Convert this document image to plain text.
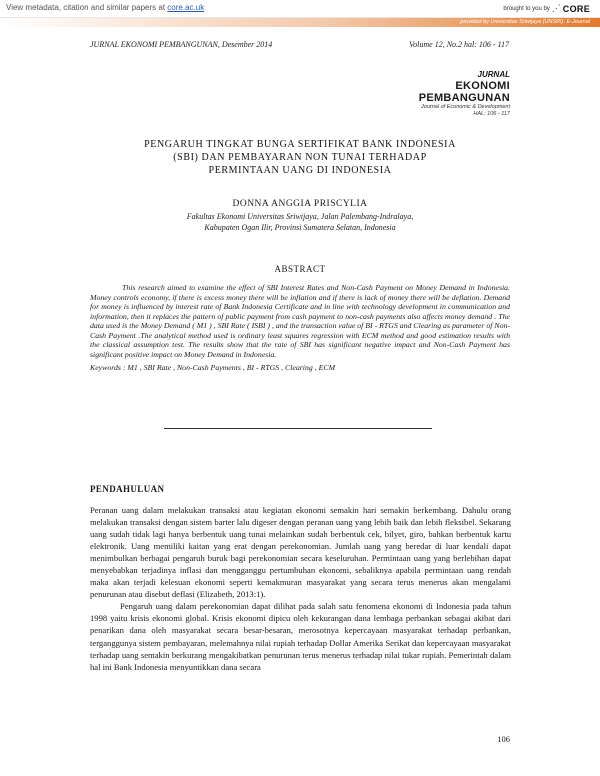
View metadata, citation and similar papers at core.ac.uk	brought to you by ⋰ CORE
provided by Universitas Sriwijaya (UNSRI): E-Journal
JURNAL EKONOMI PEMBANGUNAN, Desember 2014	Volume 12, No.2 hal: 106 - 117
JURNAL
EKONOMI
PEMBANGUNAN
Journal of Economic & Development
HAL: 106 - 117
PENGARUH TINGKAT BUNGA SERTIFIKAT BANK INDONESIA
(SBI) DAN PEMBAYARAN NON TUNAI TERHADAP
PERMINTAAN UANG DI INDONESIA
DONNA ANGGIA PRISCYLIA
Fakultas Ekonomi Universitas Sriwijaya, Jalan Palembang-Indralaya,
Kabupaten Ogan Ilir, Provinsi Sumatera Selatan, Indonesia
ABSTRACT
This research aimed to examine the effect of SBI Interest Rates and Non-Cash Payment on Money Demand in Indonesia. Money controls economy, if there is excess money there will be inflation and if there is lack of money there will be deflation. Demand for money is influenced by interest rate of Bank Indonesia Certificate and in line with technology development in communication and information, then it replaces the pattern of public payment from cash payment to non-cash payments also affects money demand . The data used is the Money Demand ( M1 ) , SBI Rate ( ISBI ) , and the transaction value of BI - RTGS and Clearing as parameter of Non-Cash Payment .The analytical method used is ordinary least squares regression with ECM method and good estimation results with the classical assumption test. The results show that the rate of SBI has significant negative impact and Non-Cash Payment has significant positive impact on Money Demand in Indonesia.
Keywords : M1 , SBI Rate , Non-Cash Payments , BI - RTGS , Clearing , ECM
PENDAHULUAN

Peranan uang dalam melakukan transaksi atau kegiatan ekonomi semakin hari semakin berkembang. Dahulu orang melakukan transaksi dengan sistem barter lalu digeser dengan peranan uang yang lebih baik dan lebih fleksibel. Sekarang uang sudah tidak lagi hanya berbentuk uang tunai melainkan sudah berbentuk cek, bilyet, giro, bahkan berbentuk kartu elektronik. Uang memiliki kaitan yang erat dengan perekonomian. Jumlah uang yang beredar di luar kendali dapat menimbulkan berbagai pengaruh buruk bagi perekonomian secara keseluruhan. Permintaan uang yang berlebihan dapat menyebabkan terjadinya inflasi dan mengganggu pertumbuhan ekonomi, sebaliknya apabila permintaan uang rendah maka akan terjadi kelesuan ekonomi seperti kemakmuran masyarakat yang secara terus menerus akan mengalami penurunan atau disebut deflasi (Elizabeth, 2013:1).

Pengaruh uang dalam perekonomian dapat dilihat pada salah satu fenomena ekonomi di Indonesia pada tahun 1998 yaitu krisis ekonomi global. Krisis ekonomi dipicu oleh kekurangan dana lembaga perbankan sebagai akibat dari penarikan dana oleh masyarakat secara besar-besaran, merosotnya kepercayaan masyarakat terhadap perbankan, terganggunya sistem pembayaran, melemahnya nilai rupiah terhadap Dollar Amerika Serikat dan kepercayaan masyarakat terhadap uang semakin berkurang mengakibatkan penurunan terus menerus terhadap nilai tukar rupiah. Pemerintah dalam hal ini Bank Indonesia menyuntikkan dana secara

106
